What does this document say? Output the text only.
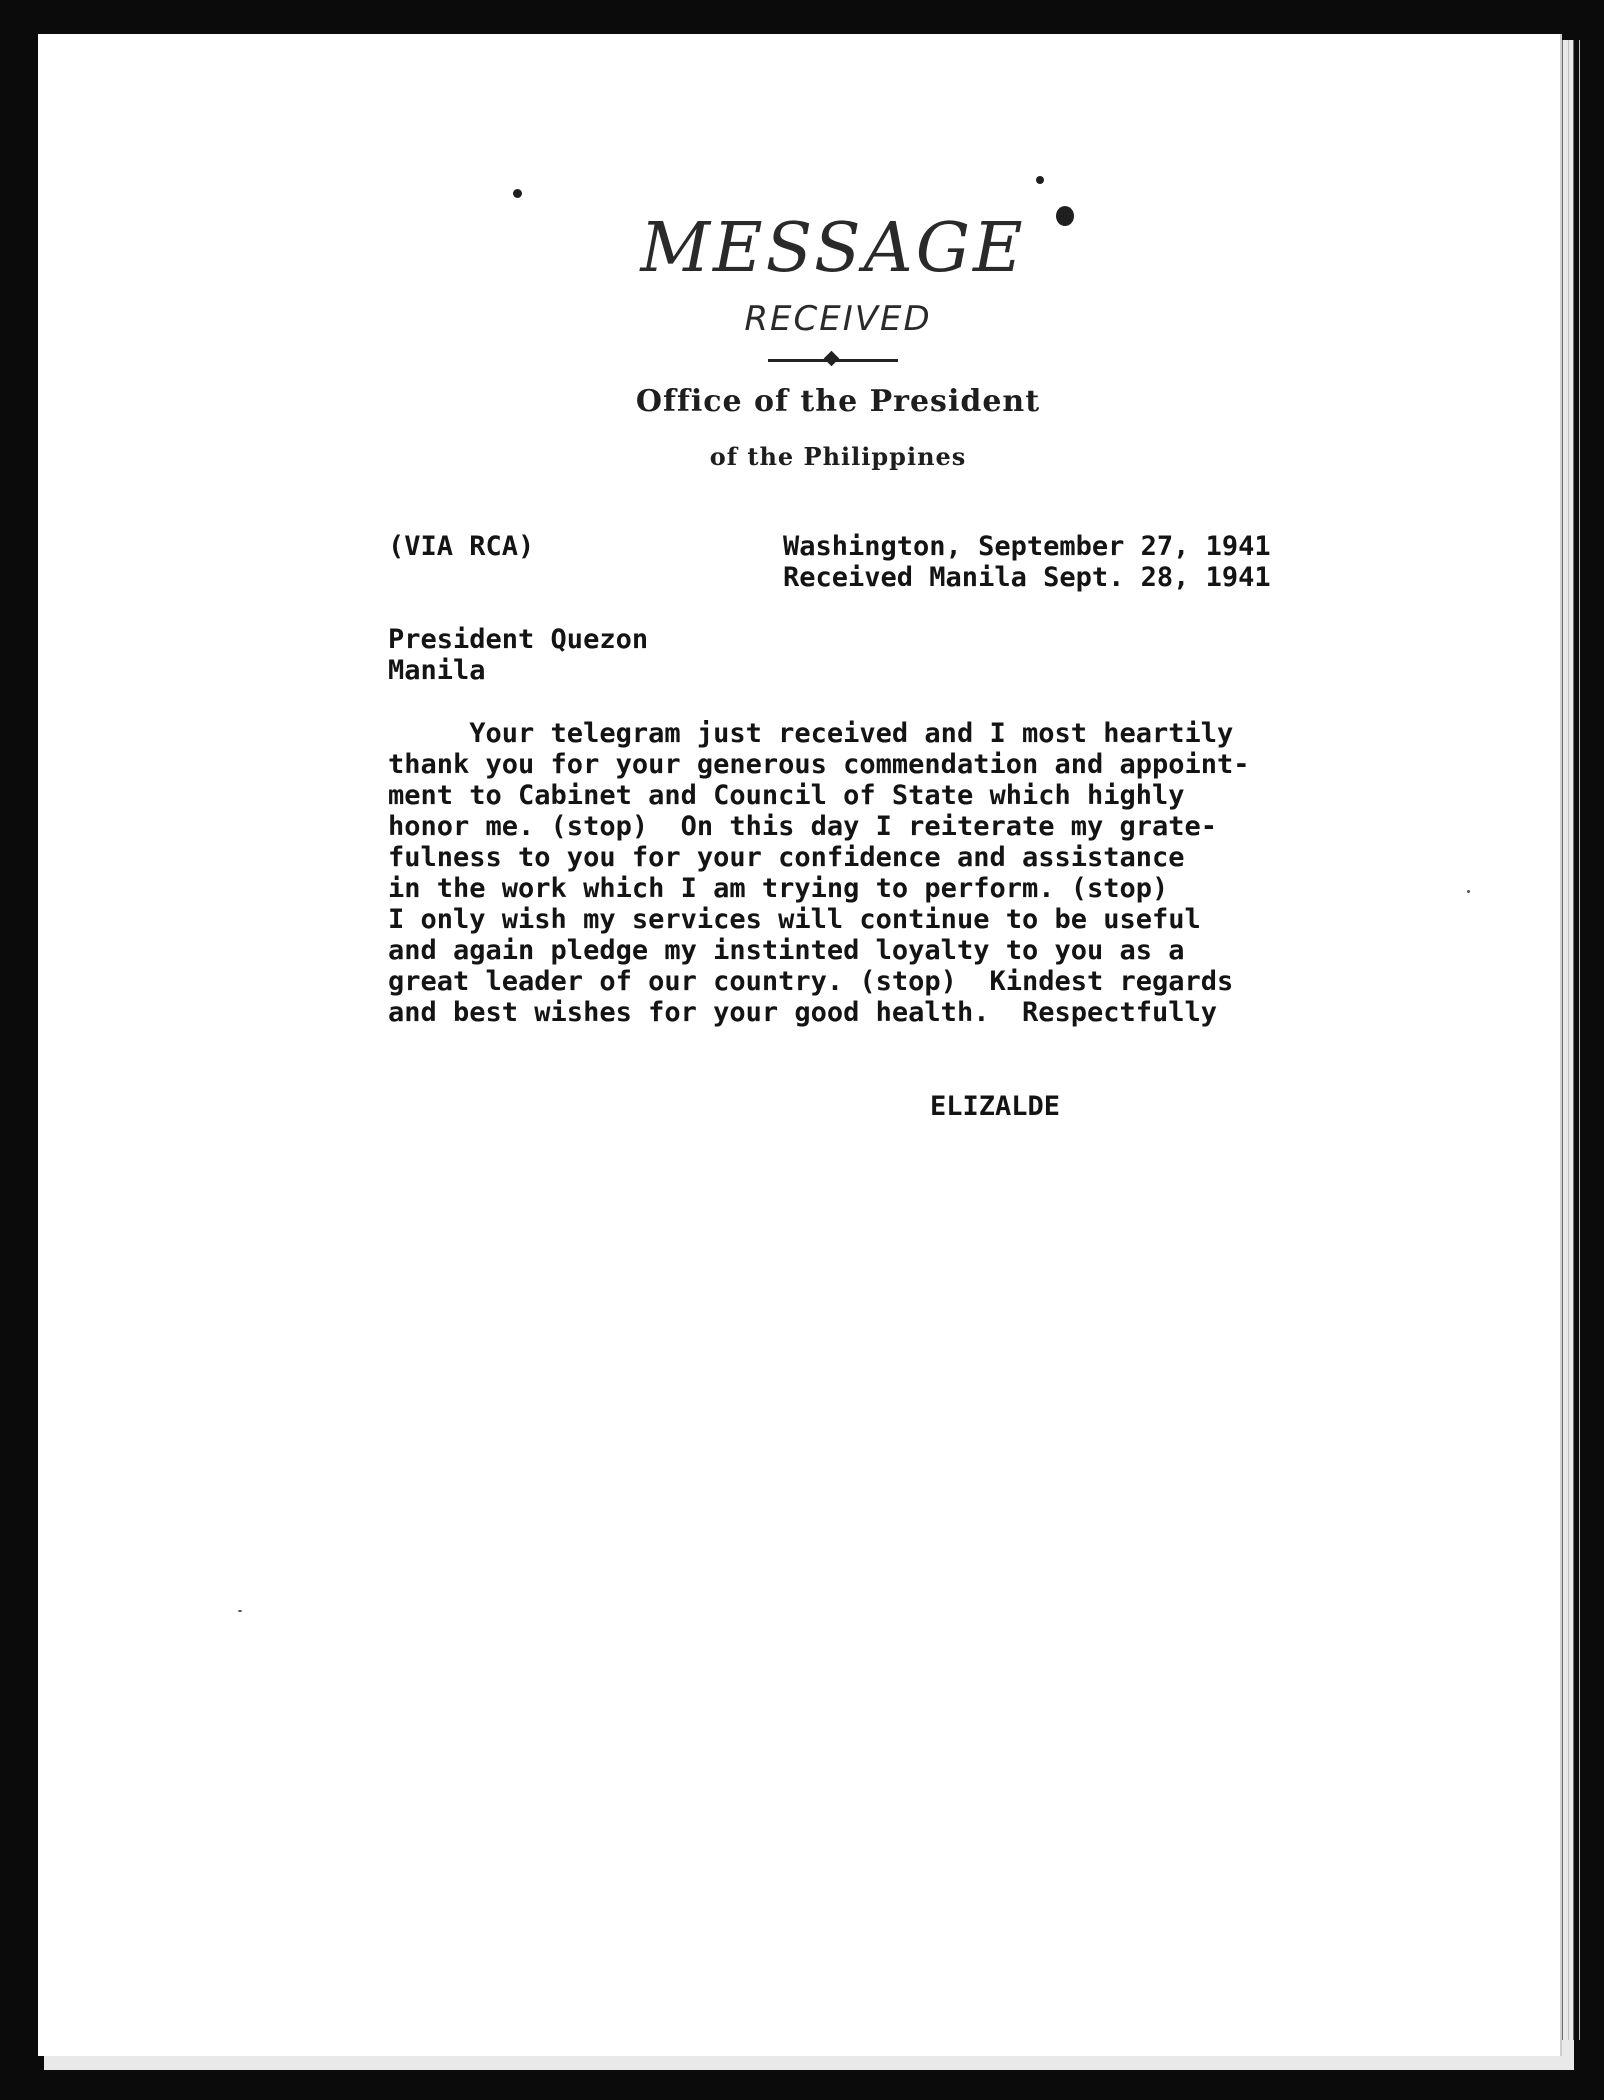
MESSAGE
RECEIVED
Office of the President
of the Philippines
(VIA RCA)	Washington, September 27, 1941
Received Manila Sept. 28, 1941
President Quezon
Manila
Your telegram just received and I most heartily
thank you for your generous commendation and appoint-
ment to Cabinet and Council of State which highly
honor me. (stop)  On this day I reiterate my grate-
fulness to you for your confidence and assistance
in the work which I am trying to perform. (stop)
I only wish my services will continue to be useful
and again pledge my instinted loyalty to you as a
great leader of our country. (stop)  Kindest regards
and best wishes for your good health.  Respectfully
ELIZALDE
